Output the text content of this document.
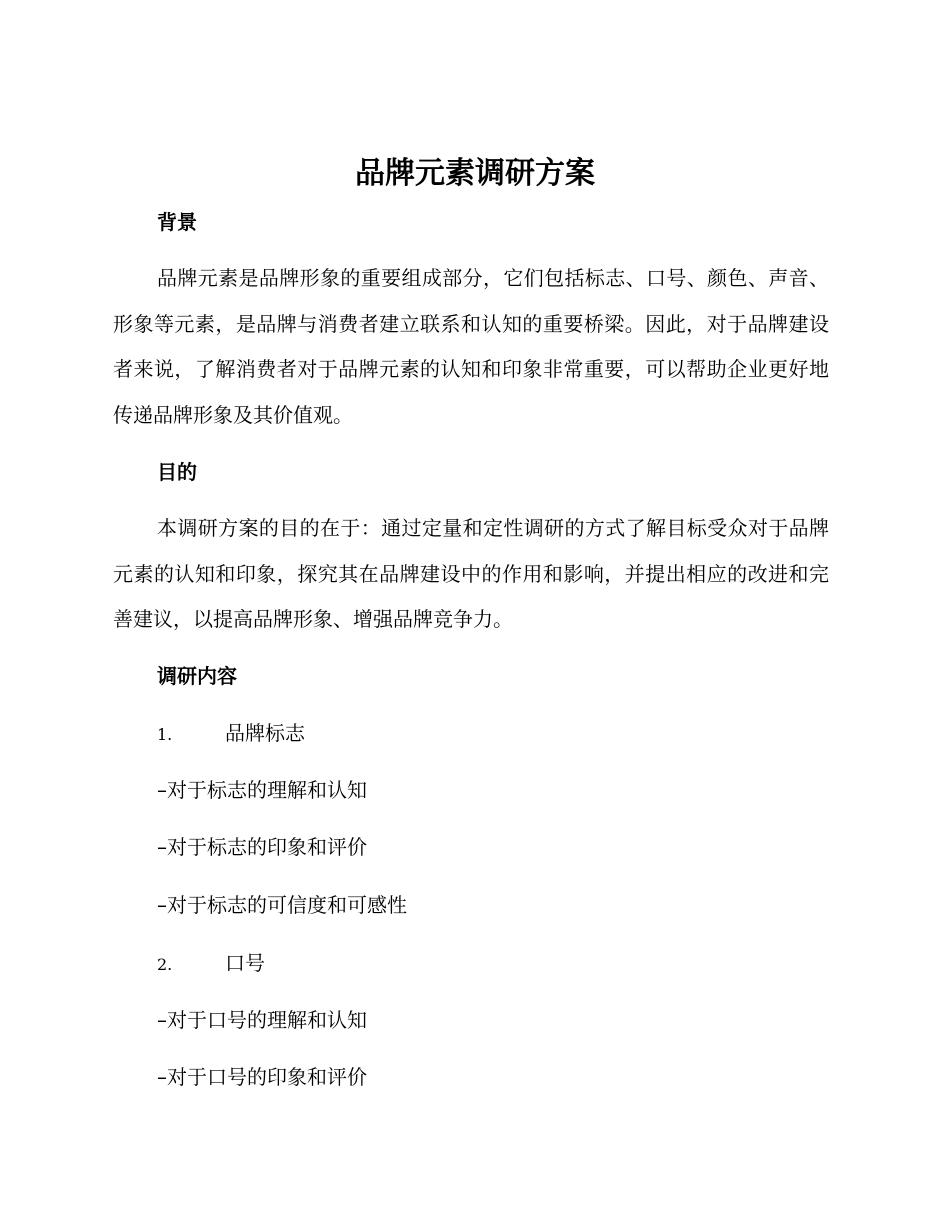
品牌元素调研方案
背景

品牌元素是品牌形象的重要组成部分，它们包括标志、口号、颜色、声音、形象等元素，是品牌与消费者建立联系和认知的重要桥梁。因此，对于品牌建设者来说，了解消费者对于品牌元素的认知和印象非常重要，可以帮助企业更好地传递品牌形象及其价值观。

目的

本调研方案的目的在于：通过定量和定性调研的方式了解目标受众对于品牌元素的认知和印象，探究其在品牌建设中的作用和影响，并提出相应的改进和完善建议，以提高品牌形象、增强品牌竞争力。

调研内容
1.	品牌标志
–对于标志的理解和认知
–对于标志的印象和评价
–对于标志的可信度和可感性
2.	口号
–对于口号的理解和认知
–对于口号的印象和评价
